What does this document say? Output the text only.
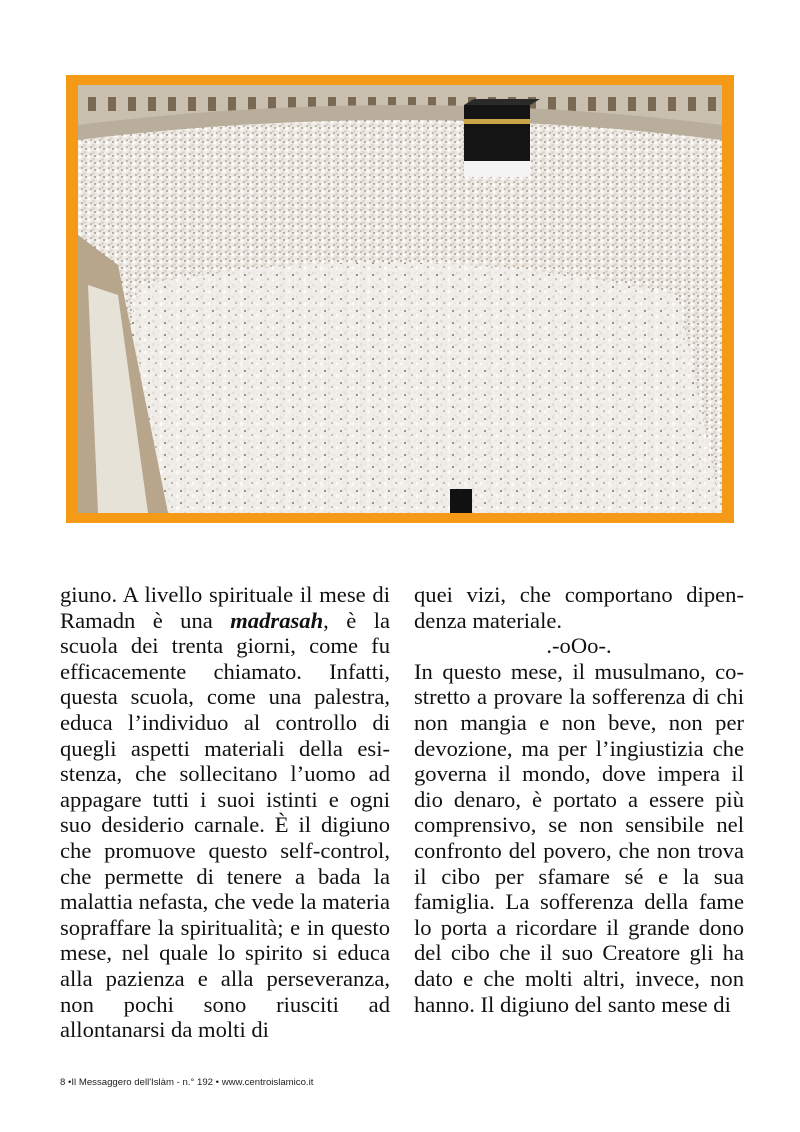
giuno. A livello spirituale il mese di Ramadn è una madrasah, è la scuola dei trenta giorni, come fu efficacemente chiamato. Infatti, questa scuola, come una palestra, educa l’individuo al controllo di quegli aspetti materiali della esistenza, che sollecitano l’uomo ad appagare tutti i suoi istinti e ogni suo desiderio carnale. È il digiuno che promuove questo self-control, che permette di tenere a bada la malattia nefasta, che vede la materia sopraffare la spiritualità; e in questo mese, nel quale lo spirito si educa alla pazienza e alla perseveranza, non pochi sono riusciti ad allontanarsi da molti di

quei vizi, che comportano dipendenza materiale.

.-oOo-.

In questo mese, il musulmano, costretto a provare la sofferenza di chi non mangia e non beve, non per devozione, ma per l’ingiustizia che governa il mondo, dove impera il dio denaro, è portato a essere più comprensivo, se non sensibile nel confronto del povero, che non trova il cibo per sfamare sé e la sua famiglia. La sofferenza della fame lo porta a ricordare il grande dono del cibo che il suo Creatore gli ha dato e che molti altri, invece, non hanno. Il digiuno del santo mese di

8 •Il Messaggero dell'Islàm - n.° 192 • www.centroislamico.it
